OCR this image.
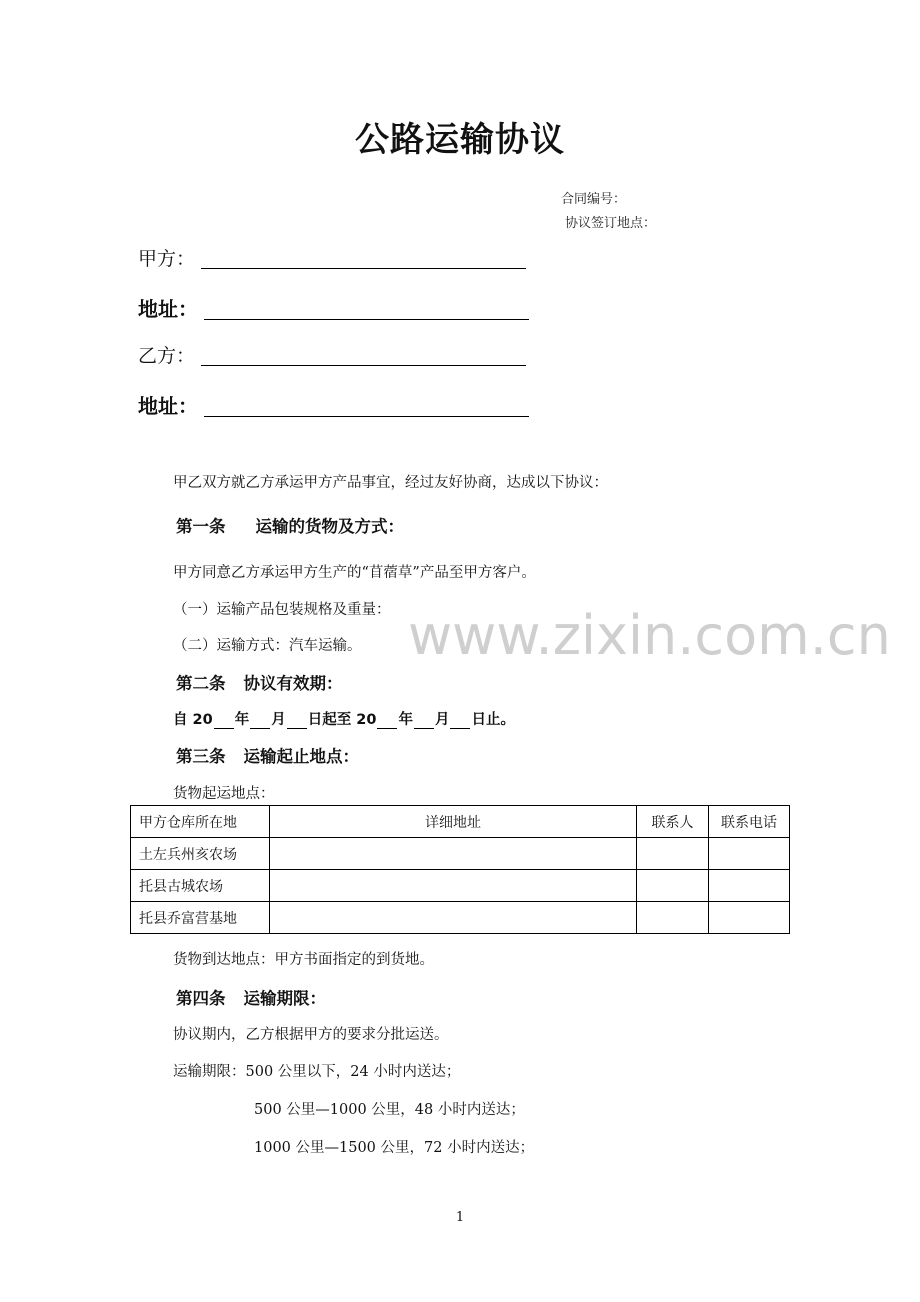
公路运输协议
合同编号：
协议签订地点：
甲方：
地址：
乙方：
地址：
甲乙双方就乙方承运甲方产品事宜，经过友好协商，达成以下协议：
第一条 运输的货物及方式：
甲方同意乙方承运甲方生产的“苜蓿草”产品至甲方客户。
（一）运输产品包装规格及重量：
（二）运输方式：汽车运输。
第二条 协议有效期：
自 20 年 月 日起至 20 年 月 日止。
第三条 运输起止地点：
货物起运地点：
甲方仓库所在地	详细地址	联系人	联系电话
土左兵州亥农场			
托县古城农场			
托县乔富营基地			
货物到达地点：甲方书面指定的到货地。
第四条 运输期限：
协议期内，乙方根据甲方的要求分批运送。
运输期限：500 公里以下，24 小时内送达；
500 公里—1000 公里，48 小时内送达；
1000 公里—1500 公里，72 小时内送达；
1
www.zixin.com.cn
